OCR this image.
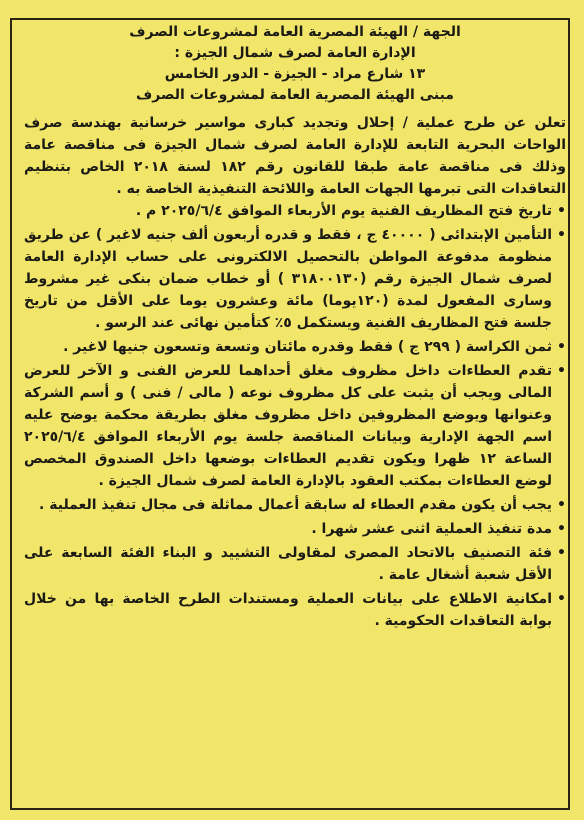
الجهة / الهيئة المصرية العامة لمشروعات الصرف
الإدارة العامة لصرف شمال الجيزة :
١٣ شارع مراد - الجيزة - الدور الخامس
مبنى الهيئة المصرية العامة لمشروعات الصرف

تعلن عن طرح عملية / إحلال وتجديد كبارى مواسير خرسانية بهندسة صرف الواحات البحرية التابعة للإدارة العامة لصرف شمال الجيزة فى مناقصة عامة وذلك فى مناقصة عامة طبقا للقانون رقم ١٨٢ لسنة ٢٠١٨ الخاص بتنظيم التعاقدات التى تبرمها الجهات العامة واللائحة التنفيذية الخاصة به .

•
تاريخ فتح المظاريف الفنية يوم الأربعاء الموافق ٢٠٢٥/٦/٤ م .
•
التأمين الإبتدائى ( ٤٠٠٠٠ ج ، فقط و قدره أربعون ألف جنيه لاغير ) عن طريق منظومة مدفوعة المواطن بالتحصيل الالكترونى على حساب الإدارة العامة لصرف شمال الجيزة رقم (٣١٨٠٠١٣٠ ) أو خطاب ضمان بنكى غير مشروط وسارى المفعول لمدة (١٢٠يوما) مائة وعشرون يوما على الأقل من تاريخ جلسة فتح المظاريف الفنية ويستكمل ٥٪ كتأمين نهائى عند الرسو .
•
ثمن الكراسة ( ٢٩٩ ج ) فقط وقدره مائتان وتسعة وتسعون جنيها لاغير .
•
تقدم العطاءات داخل مظروف مغلق أحداهما للعرض الفنى و الآخر للعرض المالى ويجب أن يثبت على كل مظروف نوعه ( مالى / فنى ) و أسم الشركة وعنوانها ويوضع المظروفين داخل مظروف مغلق بطريقة محكمة يوضح عليه اسم الجهة الإدارية وبيانات المناقصة جلسة يوم الأربعاء الموافق ٢٠٢٥/٦/٤ الساعة ١٢ ظهرا ويكون تقديم العطاءات بوضعها داخل الصندوق المخصص لوضع العطاءات بمكتب العقود بالإدارة العامة لصرف شمال الجيزة .
•
يجب أن يكون مقدم العطاء له سابقة أعمال مماثلة فى مجال تنفيذ العملية .
•
مدة تنفيذ العملية اثنى عشر شهرا .
•
فئة التصنيف بالاتحاد المصرى لمقاولى التشييد و البناء الفئة السابعة على الأقل شعبة أشغال عامة .
•
امكانية الاطلاع على بيانات العملية ومستندات الطرح الخاصة بها من خلال بوابة التعاقدات الحكومية .
